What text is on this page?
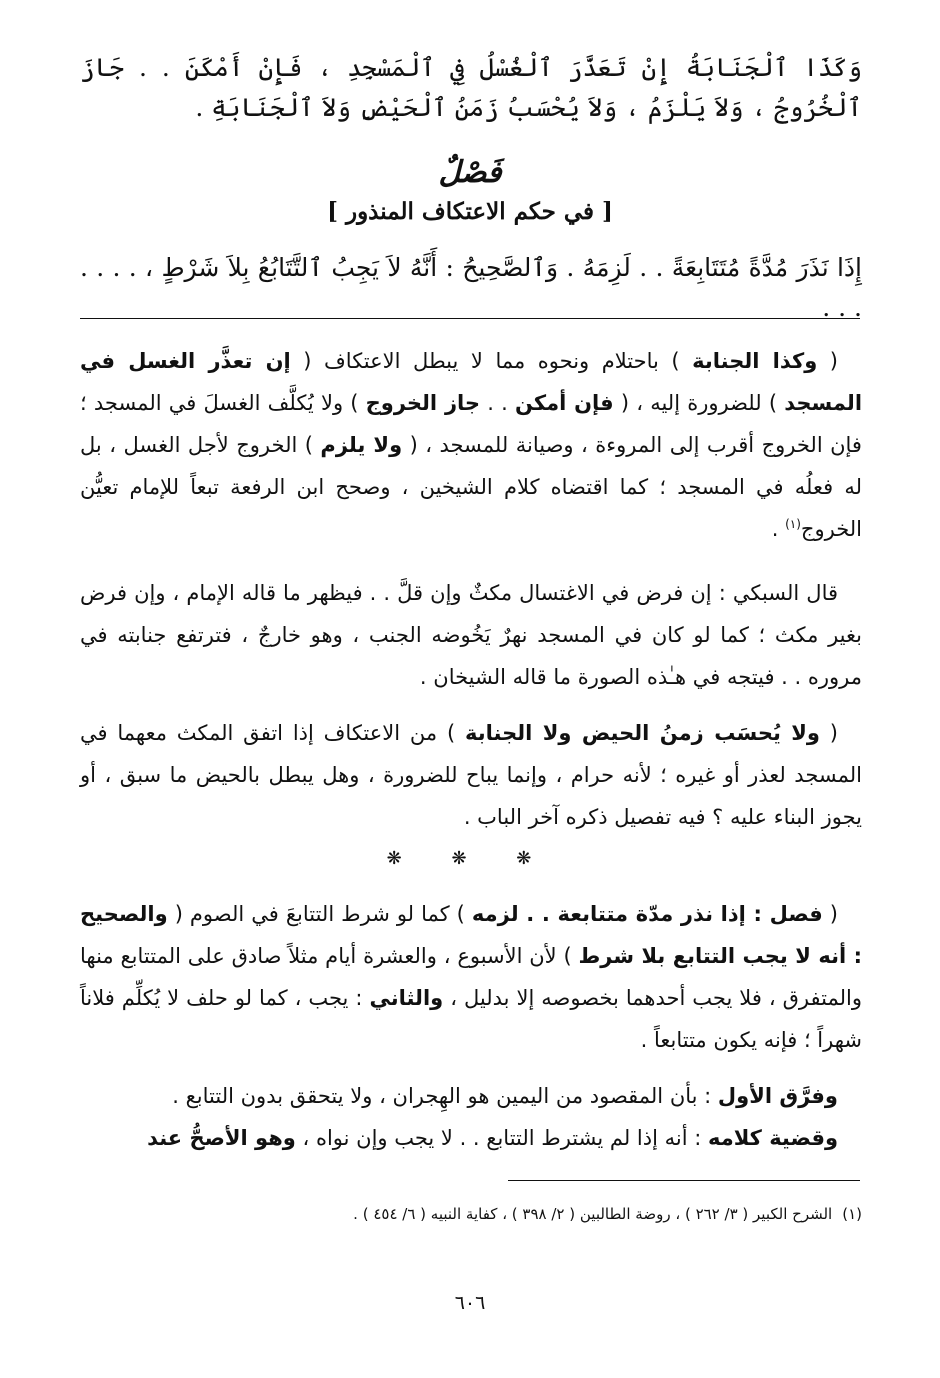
وَكَذَا ٱلْجَنَابَةُ إِنْ تَعَذَّرَ ٱلْغُسْلُ فِي ٱلْمَسْجِدِ ، فَإِنْ أَمْكَنَ . . جَازَ ٱلْخُرُوجُ ، وَلاَ يَلْزَمُ ، وَلاَ يُحْسَبُ زَمَنُ ٱلْحَيْضِ وَلاَ ٱلْجَنَابَةِ .
فَصْلٌ
[ في حكم الاعتكاف المنذور ]
إِذَا نَذَرَ مُدَّةً مُتَتَابِعَةً . . لَزِمَهُ . وَٱلصَّحِيحُ : أَنَّهُ لاَ يَجِبُ ٱلتَّتَابُعُ بِلاَ شَرْطٍ ، . . . . . . .

( وكذا الجنابة ) باحتلام ونحوه مما لا يبطل الاعتكاف ( إن تعذَّر الغسل في المسجد ) للضرورة إليه ، ( فإن أمكن . . جاز الخروج ) ولا يُكلَّف الغسلَ في المسجد ؛ فإن الخروج أقرب إلى المروءة ، وصيانة للمسجد ، ( ولا يلزم ) الخروج لأجل الغسل ، بل له فعلُه في المسجد ؛ كما اقتضاه كلام الشيخين ، وصحح ابن الرفعة تبعاً للإمام تعيُّن الخروج$^{(١)}$ .

قال السبكي : إن فرض في الاغتسال مكثٌ وإن قلَّ . . فيظهر ما قاله الإمام ، وإن فرض بغير مكث ؛ كما لو كان في المسجد نهرٌ يَخُوضه الجنب ، وهو خارجٌ ، فترتفع جنابته في مروره . . فيتجه في هـٰذه الصورة ما قاله الشيخان .

( ولا يُحسَب زمنُ الحيض ولا الجنابة ) من الاعتكاف إذا اتفق المكث معهما في المسجد لعذر أو غيره ؛ لأنه حرام ، وإنما يباح للضرورة ، وهل يبطل بالحيض ما سبق ، أو يجوز البناء عليه ؟ فيه تفصيل ذكره آخر الباب .

❋ ❋ ❋

( فصل : إذا نذر مدّة متتابعة . . لزمه ) كما لو شرط التتابعَ في الصوم ( والصحيح : أنه لا يجب التتابع بلا شرط ) لأن الأسبوع ، والعشرة أيام مثلاً صادق على المتتابع منها والمتفرق ، فلا يجب أحدهما بخصوصه إلا بدليل ، والثاني : يجب ، كما لو حلف لا يُكلِّم فلاناً شهراً ؛ فإنه يكون متتابعاً .

وفرَّق الأول : بأن المقصود من اليمين هو الهِجران ، ولا يتحقق بدون التتابع .

وقضية كلامه : أنه إذا لم يشترط التتابع . . لا يجب وإن نواه ، وهو الأصحُّ عند

(١)الشرح الكبير ( ٣/ ٢٦٢ ) ، روضة الطالبين ( ٢/ ٣٩٨ ) ، كفاية النبيه ( ٦/ ٤٥٤ ) .
٦٠٦
